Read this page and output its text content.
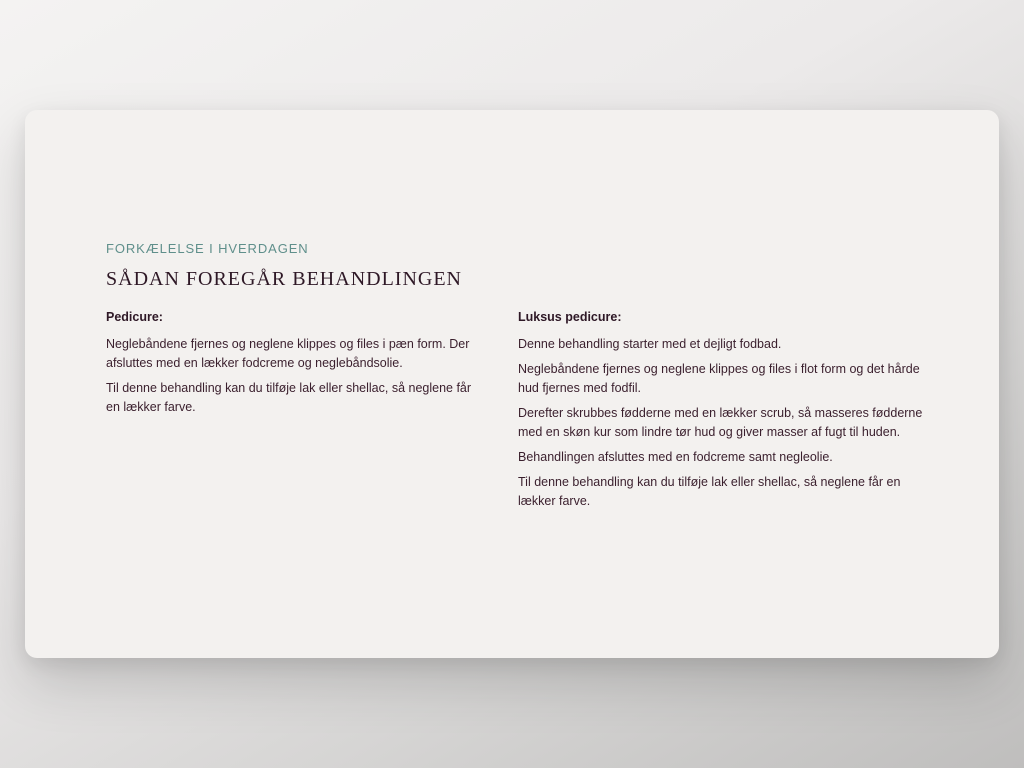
FORKÆLELSE I HVERDAGEN
SÅDAN FOREGÅR BEHANDLINGEN
Pedicure:

Neglebåndene fjernes og neglene klippes og files i pæn form. Der afsluttes med en lækker fodcreme og neglebåndsolie.

Til denne behandling kan du tilføje lak eller shellac, så neglene får en lækker farve.

Luksus pedicure:

Denne behandling starter med et dejligt fodbad.

Neglebåndene fjernes og neglene klippes og files i flot form og det hårde hud fjernes med fodfil.

Derefter skrubbes fødderne med en lækker scrub, så masseres fødderne med en skøn kur som lindre tør hud og giver masser af fugt til huden.

Behandlingen afsluttes med en fodcreme samt negleolie.

Til denne behandling kan du tilføje lak eller shellac, så neglene får en lækker farve.
